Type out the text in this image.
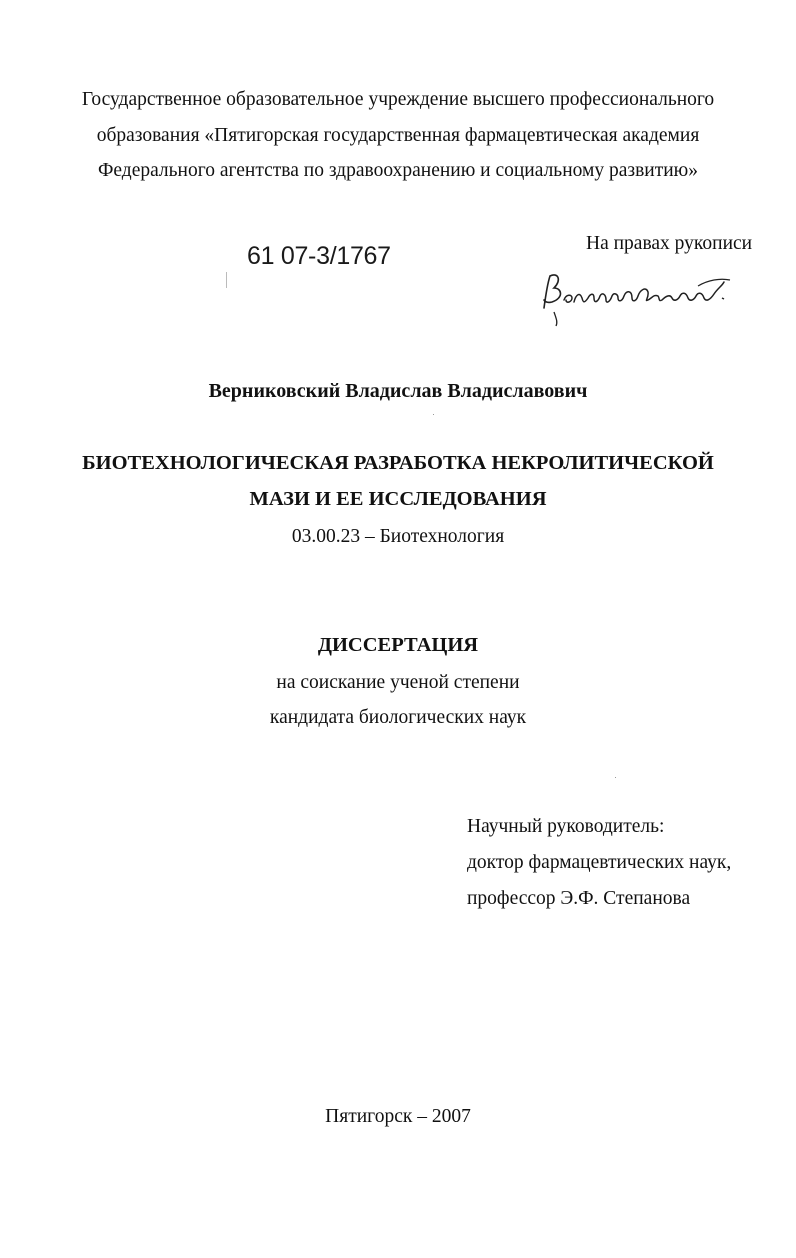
Государственное образовательное учреждение высшего профессионального
образования «Пятигорская государственная фармацевтическая академия
Федерального агентства по здравоохранению и социальному развитию»
61 07-3/1767	На правах рукописи
Верниковский Владислав Владиславович
БИОТЕХНОЛОГИЧЕСКАЯ РАЗРАБОТКА НЕКРОЛИТИЧЕСКОЙ
МАЗИ И ЕЕ ИССЛЕДОВАНИЯ
03.00.23 – Биотехнология
ДИССЕРТАЦИЯ
на соискание ученой степени
кандидата биологических наук
Научный руководитель:
доктор фармацевтических наук,
профессор Э.Ф. Степанова
Пятигорск – 2007
